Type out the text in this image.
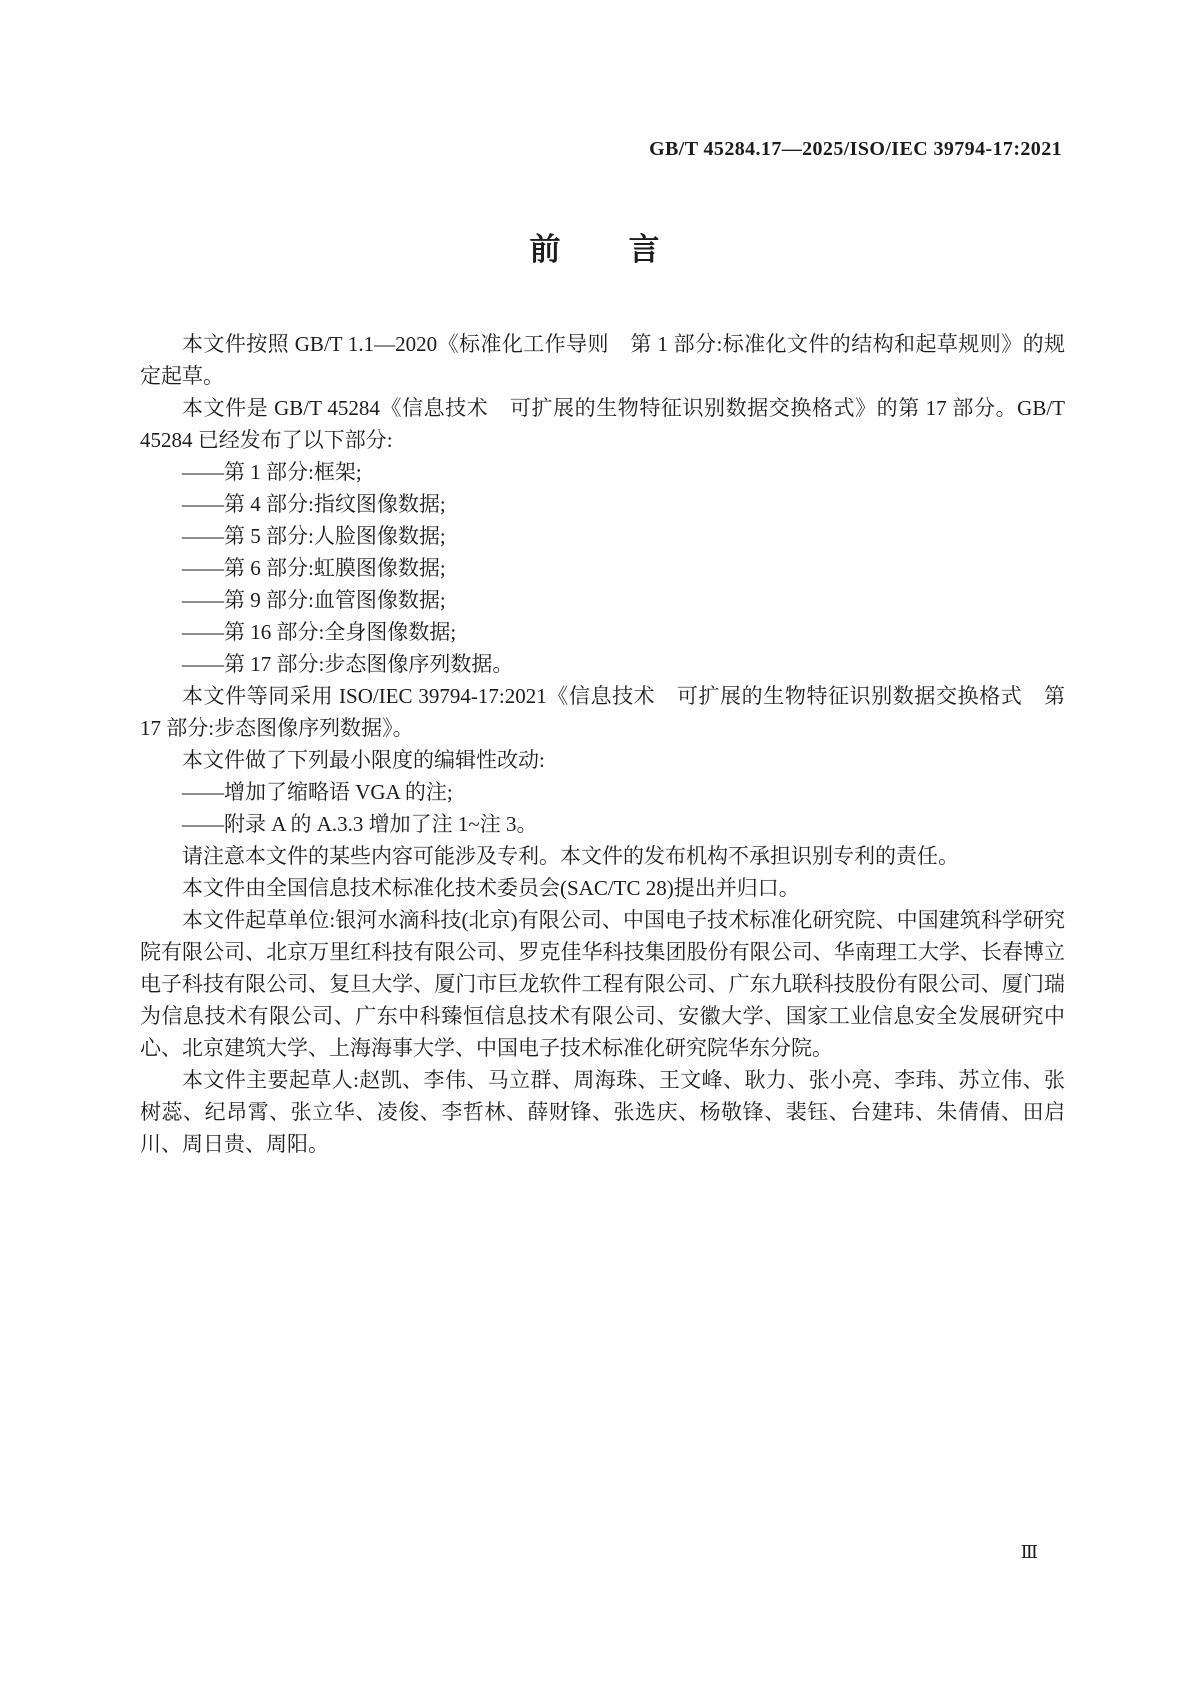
GB/T 45284.17—2025/ISO/IEC 39794-17:2021
前　　言

本文件按照 GB/T 1.1—2020《标准化工作导则　第 1 部分:标准化文件的结构和起草规则》的规定起草。

本文件是 GB/T 45284《信息技术　可扩展的生物特征识别数据交换格式》的第 17 部分。GB/T 45284 已经发布了以下部分:

——第 1 部分:框架;

——第 4 部分:指纹图像数据;

——第 5 部分:人脸图像数据;

——第 6 部分:虹膜图像数据;

——第 9 部分:血管图像数据;

——第 16 部分:全身图像数据;

——第 17 部分:步态图像序列数据。

本文件等同采用 ISO/IEC 39794-17:2021《信息技术　可扩展的生物特征识别数据交换格式　第 17 部分:步态图像序列数据》。

本文件做了下列最小限度的编辑性改动:

——增加了缩略语 VGA 的注;

——附录 A 的 A.3.3 增加了注 1~注 3。

请注意本文件的某些内容可能涉及专利。本文件的发布机构不承担识别专利的责任。

本文件由全国信息技术标准化技术委员会(SAC/TC 28)提出并归口。

本文件起草单位:银河水滴科技(北京)有限公司、中国电子技术标准化研究院、中国建筑科学研究院有限公司、北京万里红科技有限公司、罗克佳华科技集团股份有限公司、华南理工大学、长春博立电子科技有限公司、复旦大学、厦门市巨龙软件工程有限公司、广东九联科技股份有限公司、厦门瑞为信息技术有限公司、广东中科臻恒信息技术有限公司、安徽大学、国家工业信息安全发展研究中心、北京建筑大学、上海海事大学、中国电子技术标准化研究院华东分院。

本文件主要起草人:赵凯、李伟、马立群、周海珠、王文峰、耿力、张小亮、李玮、苏立伟、张树蕊、纪昂霄、张立华、凌俊、李哲林、薛财锋、张选庆、杨敬锋、裴钰、台建玮、朱倩倩、田启川、周日贵、周阳。

Ⅲ
